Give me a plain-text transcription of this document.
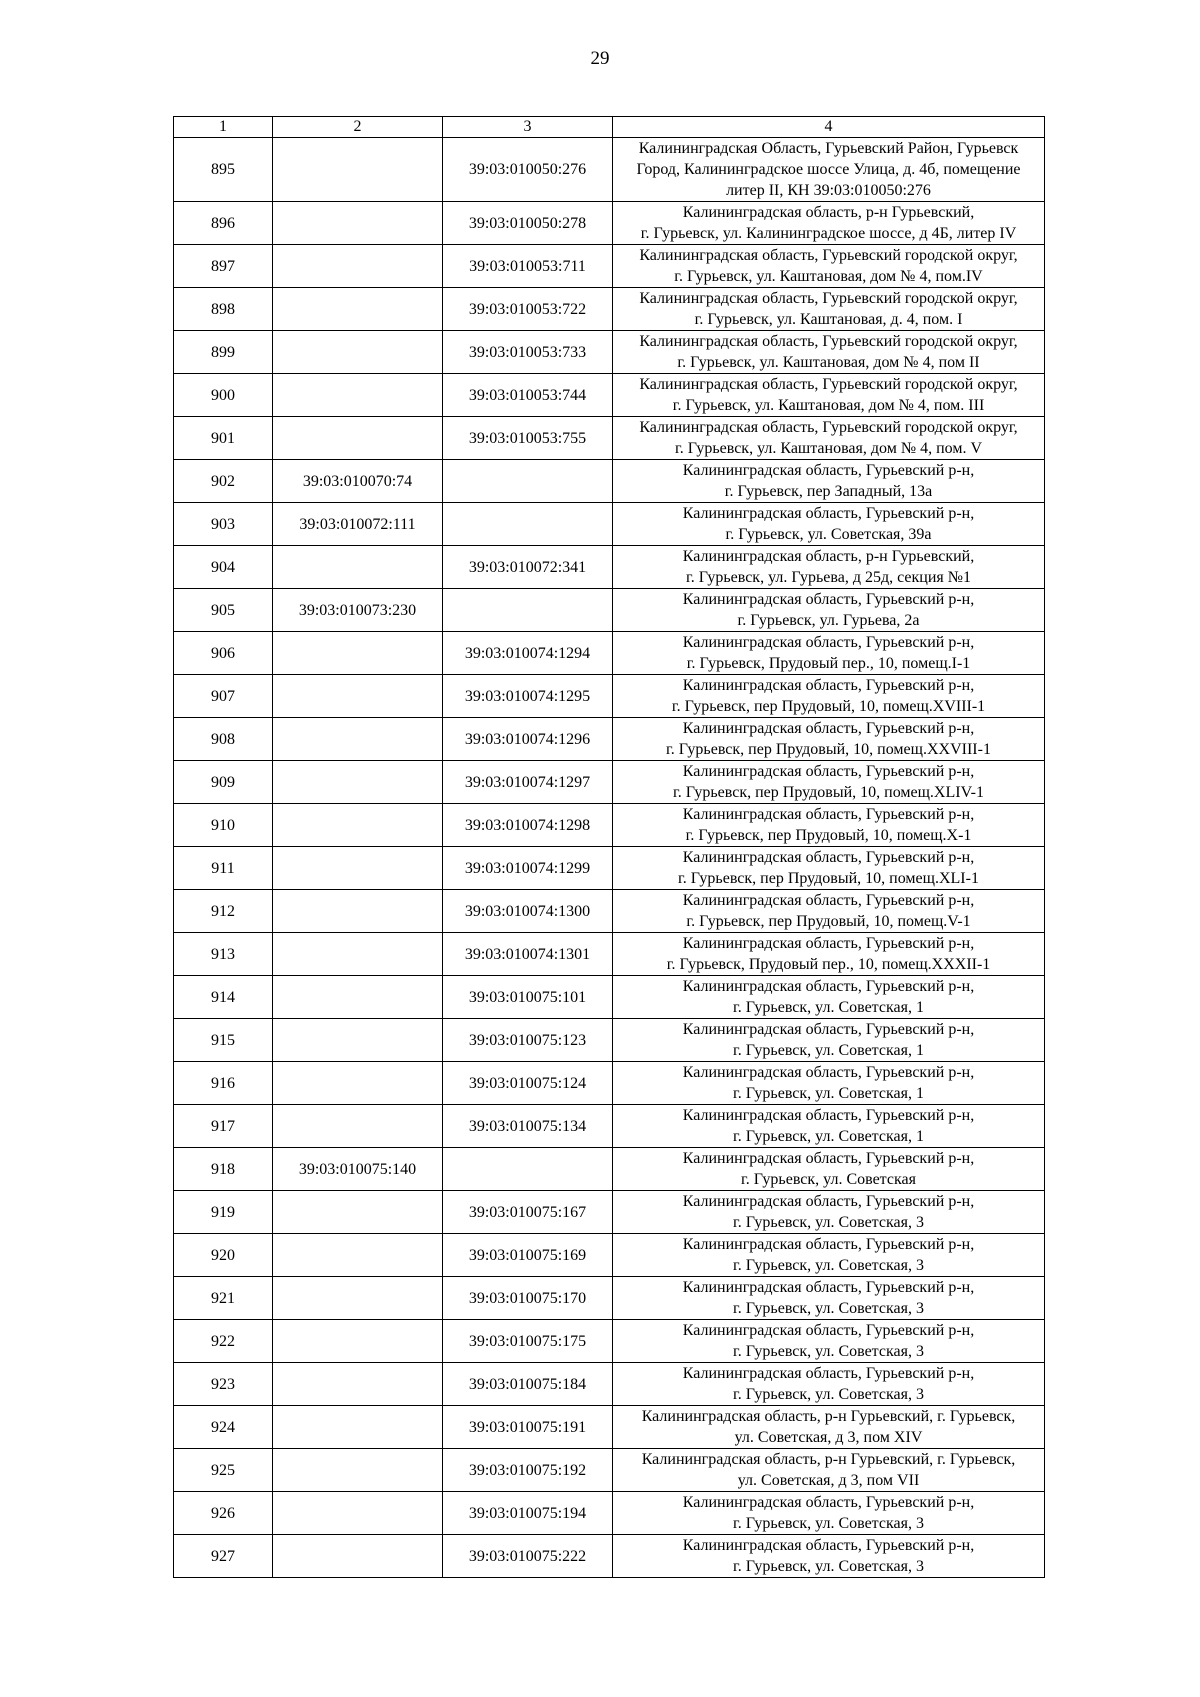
29
1	2	3	4
895		39:03:010050:276	Калининградская Область, Гурьевский Район, Гурьевск
Город, Калининградское шоссе Улица, д. 4б, помещение
литер II, КН 39:03:010050:276
896		39:03:010050:278	Калининградская область, р-н Гурьевский,
г. Гурьевск, ул. Калининградское шоссе, д 4Б, литер IV
897		39:03:010053:711	Калининградская область, Гурьевский городской округ,
г. Гурьевск, ул. Каштановая, дом № 4, пом.IV
898		39:03:010053:722	Калининградская область, Гурьевский городской округ,
г. Гурьевск, ул. Каштановая, д. 4, пом. I
899		39:03:010053:733	Калининградская область, Гурьевский городской округ,
г. Гурьевск, ул. Каштановая, дом № 4, пом II
900		39:03:010053:744	Калининградская область, Гурьевский городской округ,
г. Гурьевск, ул. Каштановая, дом № 4, пом. III
901		39:03:010053:755	Калининградская область, Гурьевский городской округ,
г. Гурьевск, ул. Каштановая, дом № 4, пом. V
902	39:03:010070:74		Калининградская область, Гурьевский р-н,
г. Гурьевск, пер Западный, 13а
903	39:03:010072:111		Калининградская область, Гурьевский р-н,
г. Гурьевск, ул. Советская, 39а
904		39:03:010072:341	Калининградская область, р-н Гурьевский,
г. Гурьевск, ул. Гурьева, д 25д, секция №1
905	39:03:010073:230		Калининградская область, Гурьевский р-н,
г. Гурьевск, ул. Гурьева, 2а
906		39:03:010074:1294	Калининградская область, Гурьевский р-н,
г. Гурьевск, Прудовый пер., 10, помещ.I-1
907		39:03:010074:1295	Калининградская область, Гурьевский р-н,
г. Гурьевск, пер Прудовый, 10, помещ.XVIII-1
908		39:03:010074:1296	Калининградская область, Гурьевский р-н,
г. Гурьевск, пер Прудовый, 10, помещ.XXVIII-1
909		39:03:010074:1297	Калининградская область, Гурьевский р-н,
г. Гурьевск, пер Прудовый, 10, помещ.XLIV-1
910		39:03:010074:1298	Калининградская область, Гурьевский р-н,
г. Гурьевск, пер Прудовый, 10, помещ.X-1
911		39:03:010074:1299	Калининградская область, Гурьевский р-н,
г. Гурьевск, пер Прудовый, 10, помещ.XLI-1
912		39:03:010074:1300	Калининградская область, Гурьевский р-н,
г. Гурьевск, пер Прудовый, 10, помещ.V-1
913		39:03:010074:1301	Калининградская область, Гурьевский р-н,
г. Гурьевск, Прудовый пер., 10, помещ.XXXII-1
914		39:03:010075:101	Калининградская область, Гурьевский р-н,
г. Гурьевск, ул. Советская, 1
915		39:03:010075:123	Калининградская область, Гурьевский р-н,
г. Гурьевск, ул. Советская, 1
916		39:03:010075:124	Калининградская область, Гурьевский р-н,
г. Гурьевск, ул. Советская, 1
917		39:03:010075:134	Калининградская область, Гурьевский р-н,
г. Гурьевск, ул. Советская, 1
918	39:03:010075:140		Калининградская область, Гурьевский р-н,
г. Гурьевск, ул. Советская
919		39:03:010075:167	Калининградская область, Гурьевский р-н,
г. Гурьевск, ул. Советская, 3
920		39:03:010075:169	Калининградская область, Гурьевский р-н,
г. Гурьевск, ул. Советская, 3
921		39:03:010075:170	Калининградская область, Гурьевский р-н,
г. Гурьевск, ул. Советская, 3
922		39:03:010075:175	Калининградская область, Гурьевский р-н,
г. Гурьевск, ул. Советская, 3
923		39:03:010075:184	Калининградская область, Гурьевский р-н,
г. Гурьевск, ул. Советская, 3
924		39:03:010075:191	Калининградская область, р-н Гурьевский, г. Гурьевск,
ул. Советская, д 3, пом XIV
925		39:03:010075:192	Калининградская область, р-н Гурьевский, г. Гурьевск,
ул. Советская, д 3, пом VII
926		39:03:010075:194	Калининградская область, Гурьевский р-н,
г. Гурьевск, ул. Советская, 3
927		39:03:010075:222	Калининградская область, Гурьевский р-н,
г. Гурьевск, ул. Советская, 3
